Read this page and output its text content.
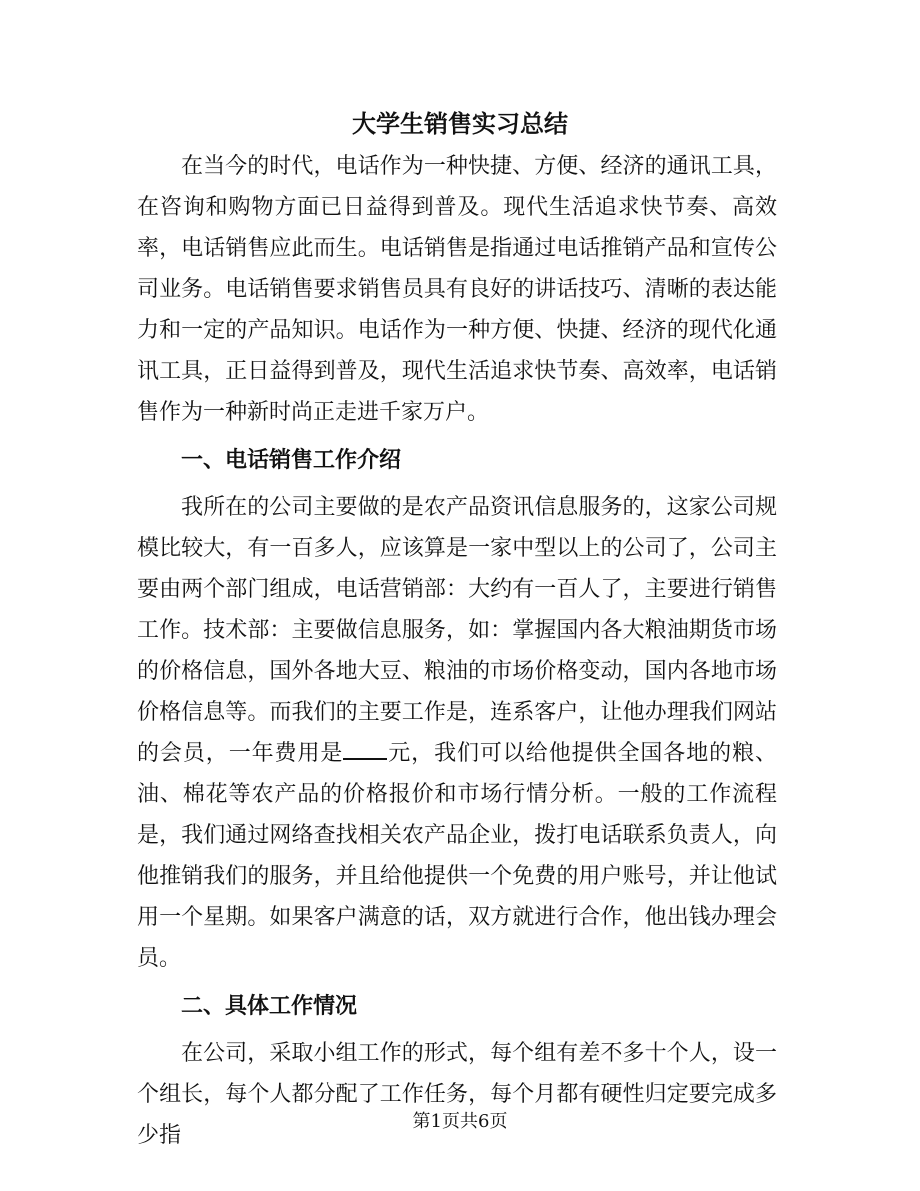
大学生销售实习总结

在当今的时代，电话作为一种快捷、方便、经济的通讯工具，在咨询和购物方面已日益得到普及。现代生活追求快节奏、高效率，电话销售应此而生。电话销售是指通过电话推销产品和宣传公司业务。电话销售要求销售员具有良好的讲话技巧、清晰的表达能力和一定的产品知识。电话作为一种方便、快捷、经济的现代化通讯工具，正日益得到普及，现代生活追求快节奏、高效率，电话销售作为一种新时尚正走进千家万户。

一、电话销售工作介绍

我所在的公司主要做的是农产品资讯信息服务的，这家公司规模比较大，有一百多人，应该算是一家中型以上的公司了，公司主要由两个部门组成，电话营销部：大约有一百人了，主要进行销售工作。技术部：主要做信息服务，如：掌握国内各大粮油期货市场的价格信息，国外各地大豆、粮油的市场价格变动，国内各地市场价格信息等。而我们的主要工作是，连系客户，让他办理我们网站的会员，一年费用是 元，我们可以给他提供全国各地的粮、油、棉花等农产品的价格报价和市场行情分析。一般的工作流程是，我们通过网络查找相关农产品企业，拨打电话联系负责人，向他推销我们的服务，并且给他提供一个免费的用户账号，并让他试用一个星期。如果客户满意的话，双方就进行合作，他出钱办理会员。

二、具体工作情况

在公司，采取小组工作的形式，每个组有差不多十个人，设一个组长，每个人都分配了工作任务，每个月都有硬性归定要完成多少指

第1页共6页
